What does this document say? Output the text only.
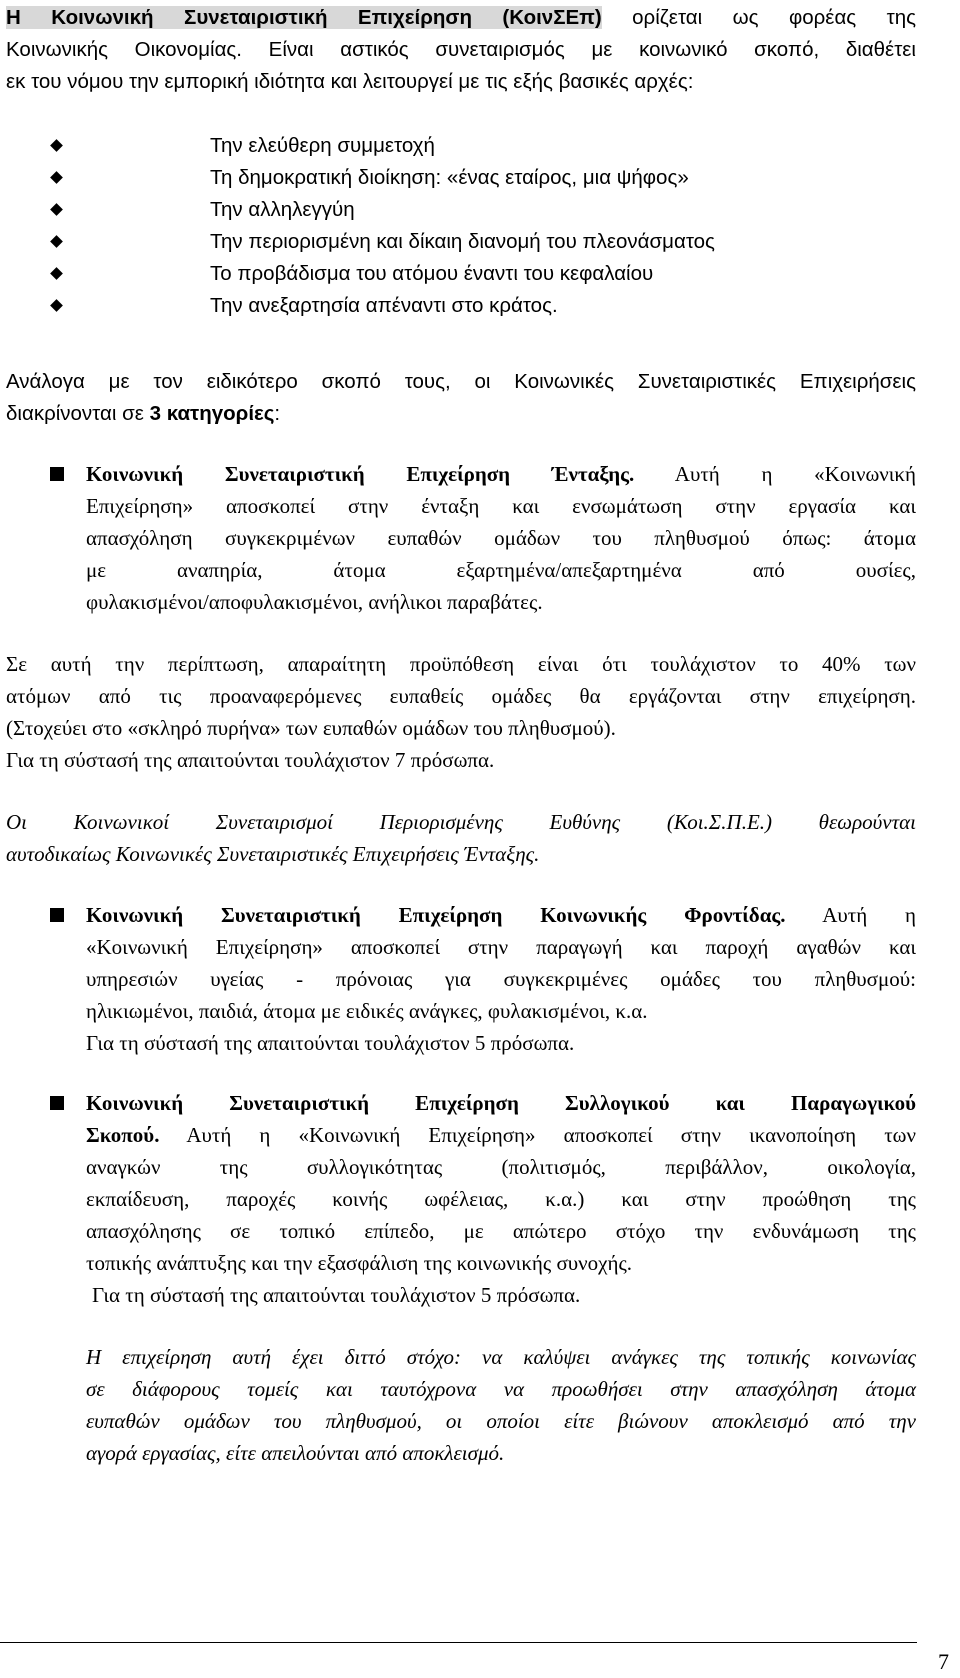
Η Κοινωνική Συνεταιριστική Επιχείρηση (ΚοινΣΕπ) ορίζεται ως φορέας της
Κοινωνικής Οικονομίας. Είναι αστικός συνεταιρισμός με κοινωνικό σκοπό, διαθέτει
εκ του νόμου την εμπορική ιδιότητα και λειτουργεί με τις εξής βασικές αρχές:
Την ελεύθερη συμμετοχή
Τη δημοκρατική διοίκηση: «ένας εταίρος, μια ψήφος»
Την αλληλεγγύη
Την περιορισμένη και δίκαιη διανομή του πλεονάσματος
Το προβάδισμα του ατόμου έναντι του κεφαλαίου
Την ανεξαρτησία απέναντι στο κράτος.
Ανάλογα με τον ειδικότερο σκοπό τους, οι Κοινωνικές Συνεταιριστικές Επιχειρήσεις
διακρίνονται σε 3 κατηγορίες:
Κοινωνική Συνεταιριστική Επιχείρηση Ένταξης. Αυτή η «Κοινωνική
Επιχείρηση» αποσκοπεί στην ένταξη και ενσωμάτωση στην εργασία και
απασχόληση συγκεκριμένων ευπαθών ομάδων του πληθυσμού όπως: άτομα
με αναπηρία, άτομα εξαρτημένα/απεξαρτημένα από ουσίες,
φυλακισμένοι/αποφυλακισμένοι, ανήλικοι παραβάτες.
Σε αυτή την περίπτωση, απαραίτητη προϋπόθεση είναι ότι τουλάχιστον το 40% των
ατόμων από τις προαναφερόμενες ευπαθείς ομάδες θα εργάζονται στην επιχείρηση.
(Στοχεύει στο «σκληρό πυρήνα» των ευπαθών ομάδων του πληθυσμού).
Για τη σύστασή της απαιτούνται τουλάχιστον 7 πρόσωπα.
Οι Κοινωνικοί Συνεταιρισμοί Περιορισμένης Ευθύνης (Κοι.Σ.Π.Ε.) θεωρούνται
αυτοδικαίως Κοινωνικές Συνεταιριστικές Επιχειρήσεις Ένταξης.
Κοινωνική Συνεταιριστική Επιχείρηση Κοινωνικής Φροντίδας. Αυτή η
«Κοινωνική Επιχείρηση» αποσκοπεί στην παραγωγή και παροχή αγαθών και
υπηρεσιών υγείας - πρόνοιας για συγκεκριμένες ομάδες του πληθυσμού:
ηλικιωμένοι, παιδιά, άτομα με ειδικές ανάγκες, φυλακισμένοι, κ.α.
Για τη σύστασή της απαιτούνται τουλάχιστον 5 πρόσωπα.
Κοινωνική Συνεταιριστική Επιχείρηση Συλλογικού και Παραγωγικού
Σκοπού. Αυτή η «Κοινωνική Επιχείρηση» αποσκοπεί στην ικανοποίηση των
αναγκών της συλλογικότητας (πολιτισμός, περιβάλλον, οικολογία,
εκπαίδευση, παροχές κοινής ωφέλειας, κ.α.) και στην προώθηση της
απασχόλησης σε τοπικό επίπεδο, με απώτερο στόχο την ενδυνάμωση της
τοπικής ανάπτυξης και την εξασφάλιση της κοινωνικής συνοχής.
Για τη σύστασή της απαιτούνται τουλάχιστον 5 πρόσωπα.
Η επιχείρηση αυτή έχει διττό στόχο: να καλύψει ανάγκες της τοπικής κοινωνίας
σε διάφορους τομείς και ταυτόχρονα να προωθήσει στην απασχόληση άτομα
ευπαθών ομάδων του πληθυσμού, οι οποίοι είτε βιώνουν αποκλεισμό από την
αγορά εργασίας, είτε απειλούνται από αποκλεισμό.
7
